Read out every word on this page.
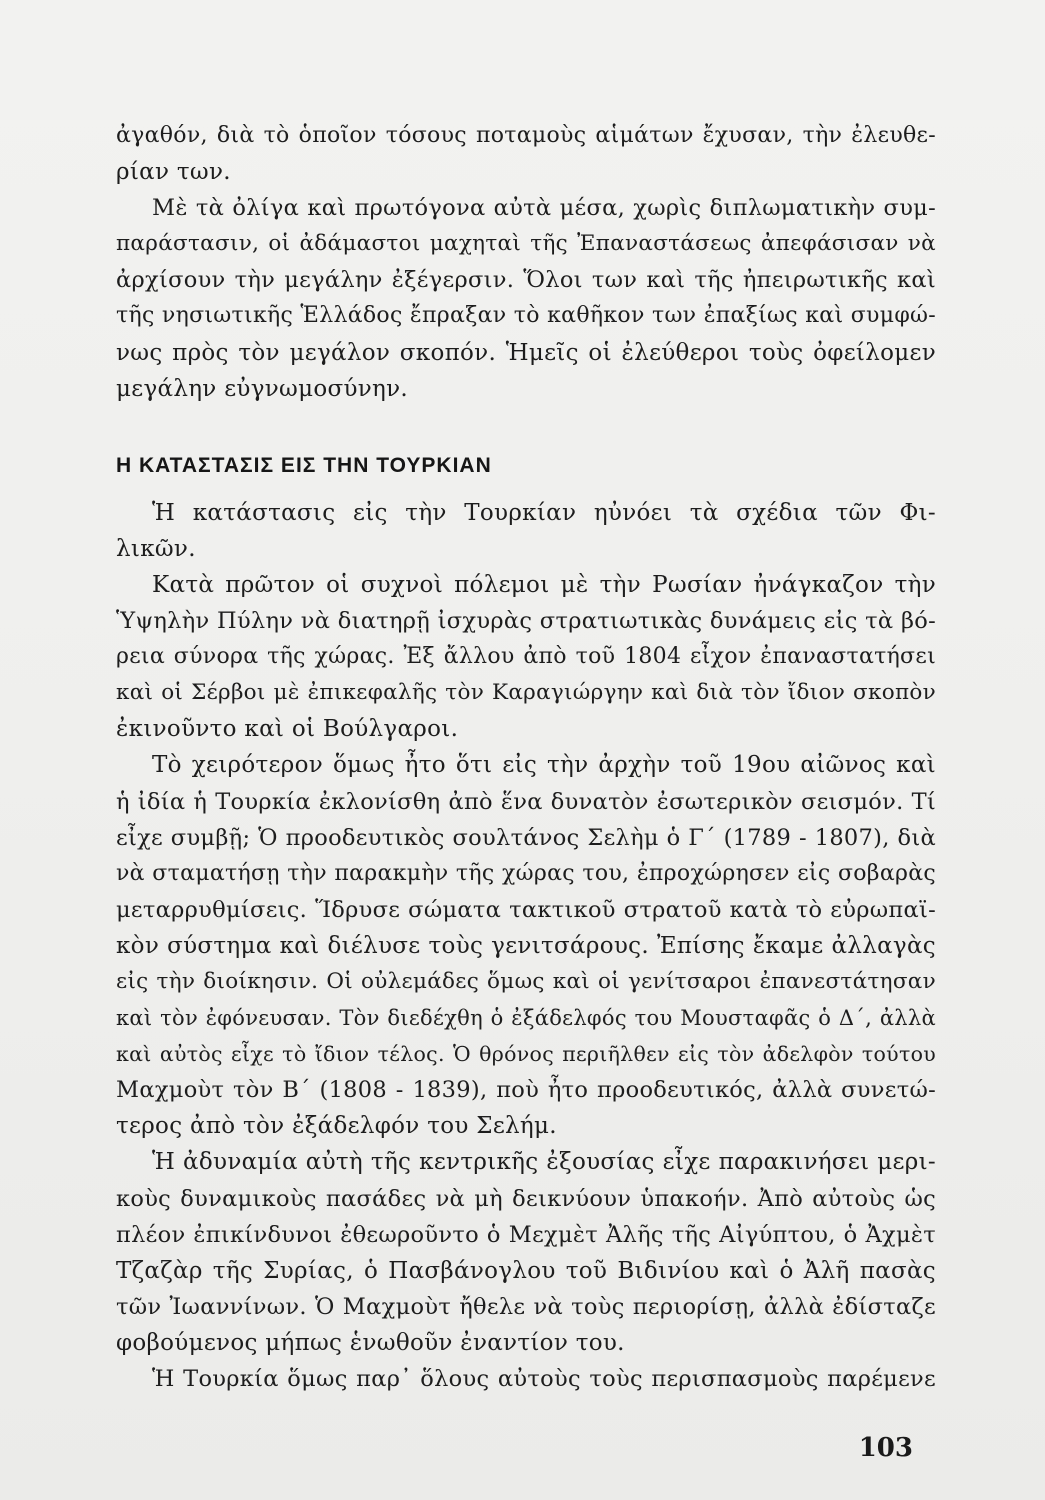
ἀγαθόν, διὰ τὸ ὁποῖον τόσους ποταμοὺς αἱμάτων ἔχυσαν, τὴν ἐλευθε-
ρίαν των.
Μὲ τὰ ὀλίγα καὶ πρωτόγονα αὐτὰ μέσα, χωρὶς διπλωματικὴν συμ-
παράστασιν, οἱ ἀδάμαστοι μαχηταὶ τῆς Ἐπαναστάσεως ἀπεφάσισαν νὰ
ἀρχίσουν τὴν μεγάλην ἐξέγερσιν. Ὅλοι των καὶ τῆς ἠπειρωτικῆς καὶ
τῆς νησιωτικῆς Ἑλλάδος ἔπραξαν τὸ καθῆκον των ἐπαξίως καὶ συμφώ-
νως πρὸς τὸν μεγάλον σκοπόν. Ἡμεῖς οἱ ἐλεύθεροι τοὺς ὀφείλομεν
μεγάλην εὐγνωμοσύνην.
Η ΚΑΤΑΣΤΑΣΙΣ ΕΙΣ ΤΗΝ ΤΟΥΡΚΙΑΝ
Ἡ κατάστασις εἰς τὴν Τουρκίαν ηὐνόει τὰ σχέδια τῶν Φι-
λικῶν.
Κατὰ πρῶτον οἱ συχνοὶ πόλεμοι μὲ τὴν Ρωσίαν ἠνάγκαζον τὴν
Ὑψηλὴν Πύλην νὰ διατηρῇ ἰσχυρὰς στρατιωτικὰς δυνάμεις εἰς τὰ βό-
ρεια σύνορα τῆς χώρας. Ἐξ ἄλλου ἀπὸ τοῦ 1804 εἶχον ἐπαναστατήσει
καὶ οἱ Σέρβοι μὲ ἐπικεφαλῆς τὸν Καραγιώργην καὶ διὰ τὸν ἴδιον σκοπὸν
ἐκινοῦντο καὶ οἱ Βούλγαροι.
Τὸ χειρότερον ὅμως ἦτο ὅτι εἰς τὴν ἀρχὴν τοῦ 19ου αἰῶνος καὶ
ἡ ἰδία ἡ Τουρκία ἐκλονίσθη ἀπὸ ἕνα δυνατὸν ἐσωτερικὸν σεισμόν. Τί
εἶχε συμβῇ; Ὁ προοδευτικὸς σουλτάνος Σελὴμ ὁ Γ΄ (1789 - 1807), διὰ
νὰ σταματήσῃ τὴν παρακμὴν τῆς χώρας του, ἐπροχώρησεν εἰς σοβαρὰς
μεταρρυθμίσεις. Ἵδρυσε σώματα τακτικοῦ στρατοῦ κατὰ τὸ εὐρωπαϊ-
κὸν σύστημα καὶ διέλυσε τοὺς γενιτσάρους. Ἐπίσης ἔκαμε ἀλλαγὰς
εἰς τὴν διοίκησιν. Οἱ οὐλεμάδες ὅμως καὶ οἱ γενίτσαροι ἐπανεστάτησαν
καὶ τὸν ἐφόνευσαν. Τὸν διεδέχθη ὁ ἐξάδελφός του Μουσταφᾶς ὁ Δ΄, ἀλλὰ
καὶ αὐτὸς εἶχε τὸ ἴδιον τέλος. Ὁ θρόνος περιῆλθεν εἰς τὸν ἀδελφὸν τούτου
Μαχμοὺτ τὸν Β΄ (1808 - 1839), ποὺ ἦτο προοδευτικός, ἀλλὰ συνετώ-
τερος ἀπὸ τὸν ἐξάδελφόν του Σελήμ.
Ἡ ἀδυναμία αὐτὴ τῆς κεντρικῆς ἐξουσίας εἶχε παρακινήσει μερι-
κοὺς δυναμικοὺς πασάδες νὰ μὴ δεικνύουν ὑπακοήν. Ἀπὸ αὐτοὺς ὡς
πλέον ἐπικίνδυνοι ἐθεωροῦντο ὁ Μεχμὲτ Ἀλῆς τῆς Αἰγύπτου, ὁ Ἀχμὲτ
Τζαζὰρ τῆς Συρίας, ὁ Πασβάνογλου τοῦ Βιδινίου καὶ ὁ Ἀλῆ πασὰς
τῶν Ἰωαννίνων. Ὁ Μαχμοὺτ ἤθελε νὰ τοὺς περιορίσῃ, ἀλλὰ ἐδίσταζε
φοβούμενος μήπως ἑνωθοῦν ἐναντίον του.
Ἡ Τουρκία ὅμως παρ᾽ ὅλους αὐτοὺς τοὺς περισπασμοὺς παρέμενε
103
